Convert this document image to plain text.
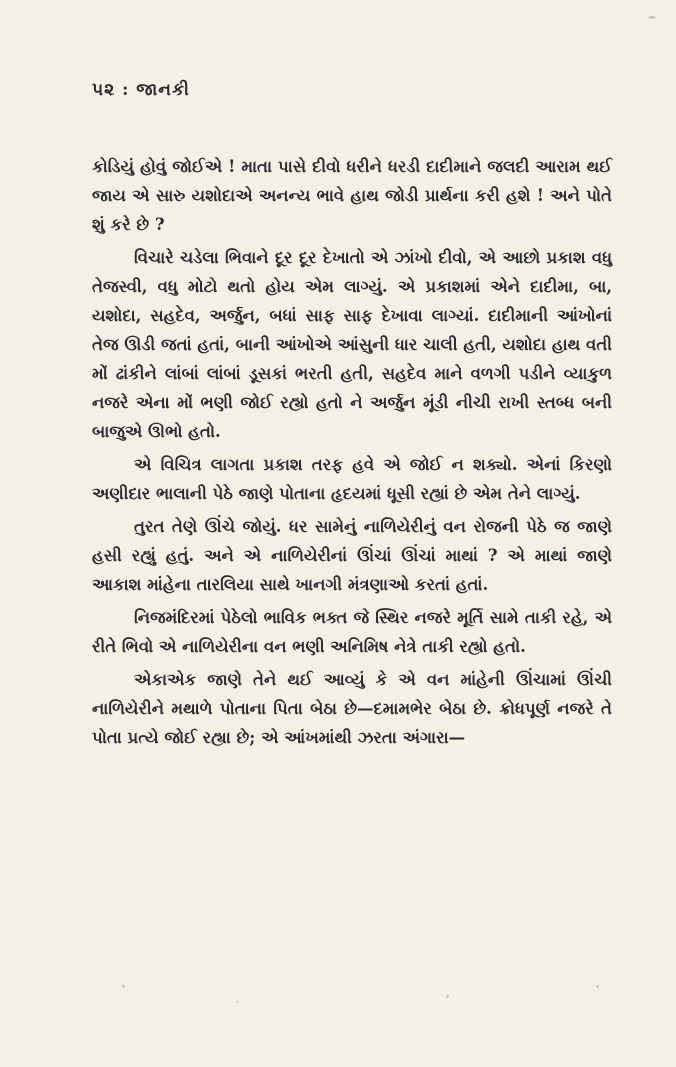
૫૨ : જાનકી

કોડિયું હોવું જોઈએ ! માતા પાસે દીવો ધરીને ધરડી દાદીમાને જલદી આરામ થઈ જાય એ સારુ યશોદાએ અનન્ય ભાવે હાથ જોડી પ્રાર્થના કરી હશે ! અને પોતે શું કરે છે ?

વિચારે ચડેલા ભિવાને દૂર દૂર દેખાતો એ ઝાંખો દીવો, એ આછો પ્રકાશ વધુ તેજસ્વી, વધુ મોટો થતો હોય એમ લાગ્યું. એ પ્રકાશમાં એને દાદીમા, બા, યશોદા, સહદેવ, અર્જુન, બધાં સાફ સાફ દેખાવા લાગ્યાં. દાદીમાની આંખોનાં તેજ ઊડી જતાં હતાં, બાની આંખોએ આંસુની ધાર ચાલી હતી, યશોદા હાથ વતી મોં ઢાંકીને લાંબાં લાંબાં ડૂસકાં ભરતી હતી, સહદેવ માને વળગી પડીને વ્યાકુળ નજરે એના મોં ભણી જોઈ રહ્યો હતો ને અર્જુન મૂંડી નીચી રાખી સ્તબ્ધ બની બાજુએ ઊભો હતો.

એ વિચિત્ર લાગતા પ્રકાશ તરફ હવે એ જોઈ ન શક્યો. એનાં કિરણો અણીદાર ભાલાની પેઠે જાણે પોતાના હૃદયમાં ધૂસી રહ્યાં છે એમ તેને લાગ્યું.

તુરત તેણે ઊંચે જોયું. ધર સામેનું નાળિયેરીનું વન રોજની પેઠે જ જાણે હસી રહ્યું હતું. અને એ નાળિયેરીનાં ઊંચાં ઊંચાં માથાં ? એ માથાં જાણે આકાશ માંહેના તારલિયા સાથે ખાનગી મંત્રણાઓ કરતાં હતાં.

નિજમંદિરમાં પેઠેલો ભાવિક ભક્ત જે સ્થિર નજરે મૂર્તિ સામે તાકી રહે, એ રીતે ભિવો એ નાળિયેરીના વન ભણી અનિમિષ નેત્રે તાકી રહ્યો હતો.

એકાએક જાણે તેને થઈ આવ્યું કે એ વન માંહેની ઊંચામાં ઊંચી નાળિયેરીને મથાળે પોતાના પિતા બેઠા છે—દમામભેર બેઠા છે. ક્રોધપૂર્ણ નજરે તે પોતા પ્રત્યે જોઈ રહ્યા છે; એ આંખમાંથી ઝરતા અંગારા—
